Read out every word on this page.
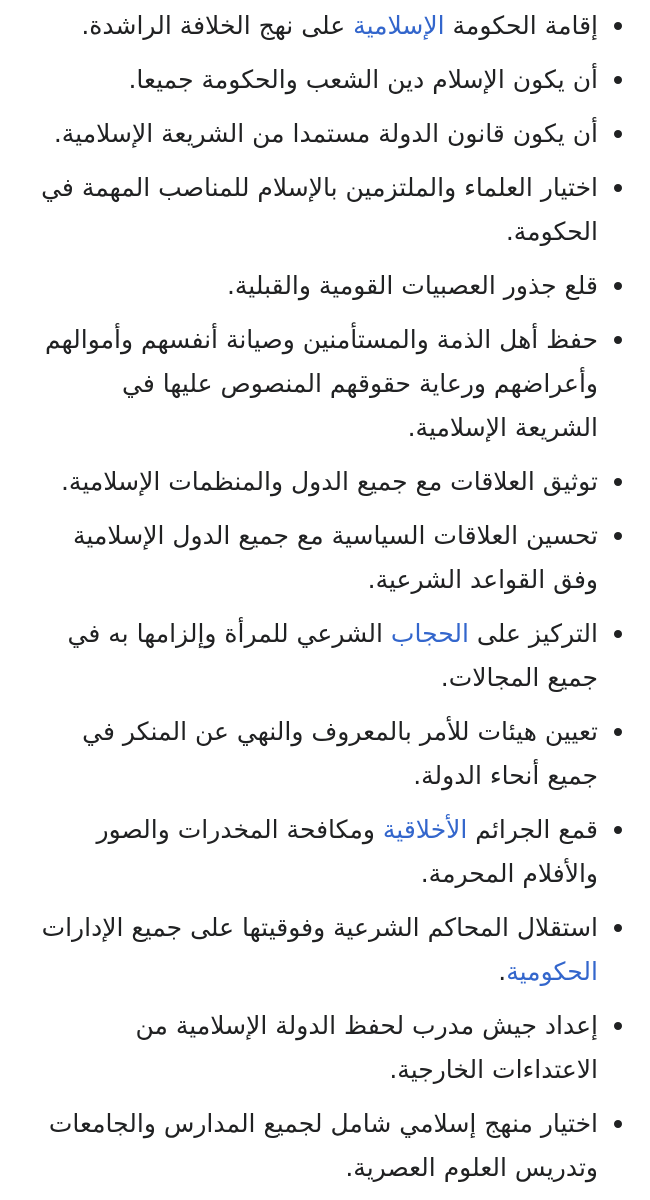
إقامة الحكومة الإسلامية على نهج الخلافة الراشدة.
أن يكون الإسلام دين الشعب والحكومة جميعا.
أن يكون قانون الدولة مستمدا من الشريعة الإسلامية.
اختيار العلماء والملتزمين بالإسلام للمناصب المهمة في الحكومة.
قلع جذور العصبيات القومية والقبلية.
حفظ أهل الذمة والمستأمنين وصيانة أنفسهم وأموالهم وأعراضهم ورعاية حقوقهم المنصوص عليها في الشريعة الإسلامية.
توثيق العلاقات مع جميع الدول والمنظمات الإسلامية.
تحسين العلاقات السياسية مع جميع الدول الإسلامية وفق القواعد الشرعية.
التركيز على الحجاب الشرعي للمرأة وإلزامها به في جميع المجالات.
تعيين هيئات للأمر بالمعروف والنهي عن المنكر في جميع أنحاء الدولة.
قمع الجرائم الأخلاقية ومكافحة المخدرات والصور والأفلام المحرمة.
استقلال المحاكم الشرعية وفوقيتها على جميع الإدارات الحكومية.
إعداد جيش مدرب لحفظ الدولة الإسلامية من الاعتداءات الخارجية.
اختيار منهج إسلامي شامل لجميع المدارس والجامعات وتدريس العلوم العصرية.
